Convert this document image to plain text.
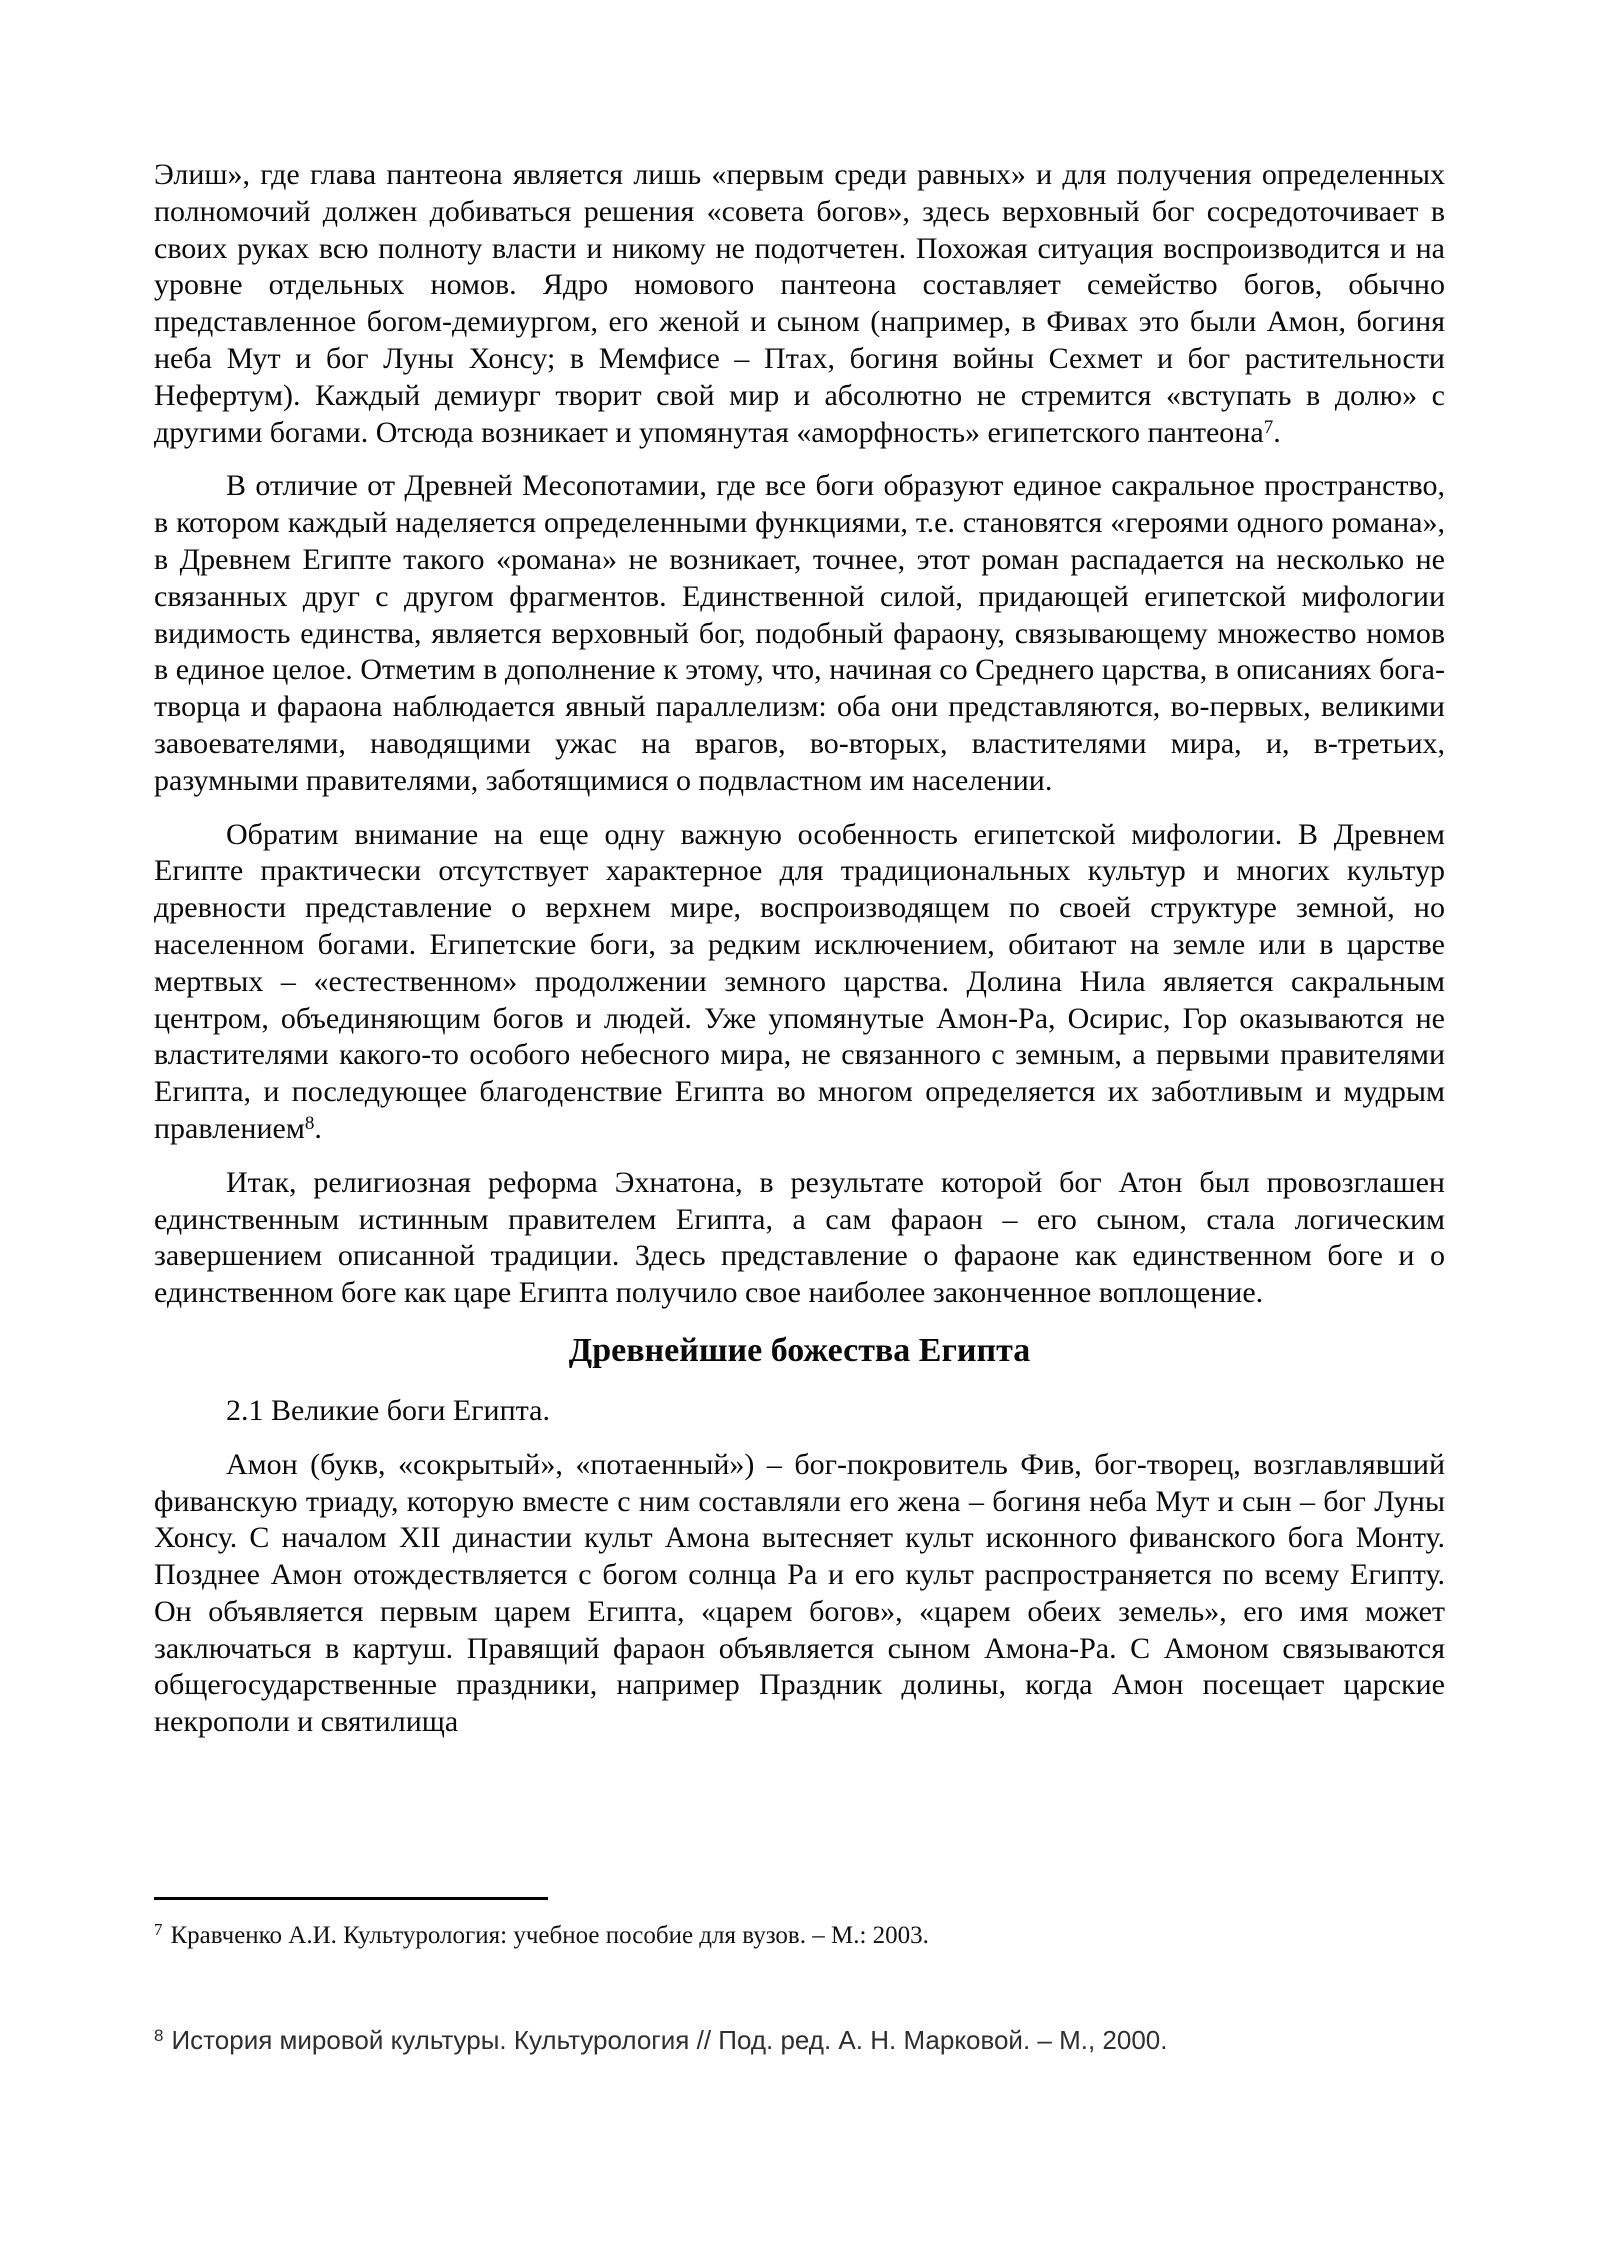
Элиш», где глава пантеона является лишь «первым среди равных» и для получения определенных полномочий должен добиваться решения «совета богов», здесь верховный бог сосредоточивает в своих руках всю полноту власти и никому не подотчетен. Похожая ситуация воспроизводится и на уровне отдельных номов. Ядро номового пантеона составляет семейство богов, обычно представленное богом-демиургом, его женой и сыном (например, в Фивах это были Амон, богиня неба Мут и бог Луны Хонсу; в Мемфисе – Птах, богиня войны Сехмет и бог растительности Нефертум). Каждый демиург творит свой мир и абсолютно не стремится «вступать в долю» с другими богами. Отсюда возникает и упомянутая «аморфность» египетского пантеона$^7$.

В отличие от Древней Месопотамии, где все боги образуют единое сакральное пространство, в котором каждый наделяется определенными функциями, т.е. становятся «героями одного романа», в Древнем Египте такого «романа» не возникает, точнее, этот роман распадается на несколько не связанных друг с другом фрагментов. Единственной силой, придающей египетской мифологии видимость единства, является верховный бог, подобный фараону, связывающему множество номов в единое целое. Отметим в дополнение к этому, что, начиная со Среднего царства, в описаниях бога-творца и фараона наблюдается явный параллелизм: оба они представляются, во-первых, великими завоевателями, наводящими ужас на врагов, во-вторых, властителями мира, и, в-третьих, разумными правителями, заботящимися о подвластном им населении.

Обратим внимание на еще одну важную особенность египетской мифологии. В Древнем Египте практически отсутствует характерное для традициональных культур и многих культур древности представление о верхнем мире, воспроизводящем по своей структуре земной, но населенном богами. Египетские боги, за редким исключением, обитают на земле или в царстве мертвых – «естественном» продолжении земного царства. Долина Нила является сакральным центром, объединяющим богов и людей. Уже упомянутые Амон-Ра, Осирис, Гор оказываются не властителями какого-то особого небесного мира, не связанного с земным, а первыми правителями Египта, и последующее благоденствие Египта во многом определяется их заботливым и мудрым правлением$^8$.

Итак, религиозная реформа Эхнатона, в результате которой бог Атон был провозглашен единственным истинным правителем Египта, а сам фараон – его сыном, стала логическим завершением описанной традиции. Здесь представление о фараоне как единственном боге и о единственном боге как царе Египта получило свое наиболее законченное воплощение.

Древнейшие божества Египта

2.1 Великие боги Египта.

Амон (букв, «сокрытый», «потаенный») – бог-покровитель Фив, бог-творец, возглавлявший фиванскую триаду, которую вместе с ним составляли его жена – богиня неба Мут и сын – бог Луны Хонсу. С началом XII династии культ Амона вытесняет культ исконного фиванского бога Монту. Позднее Амон отождествляется с богом солнца Ра и его культ распространяется по всему Египту. Он объявляется первым царем Египта, «царем богов», «царем обеих земель», его имя может заключаться в картуш. Правящий фараон объявляется сыном Амона-Ра. С Амоном связываются общегосударственные праздники, например Праздник долины, когда Амон посещает царские некрополи и святилища

$^7$ Кравченко А.И. Культурология: учебное пособие для вузов. – М.: 2003.

$^8$ История мировой культуры. Культурология // Под. ред. А. Н. Марковой. – М., 2000.
